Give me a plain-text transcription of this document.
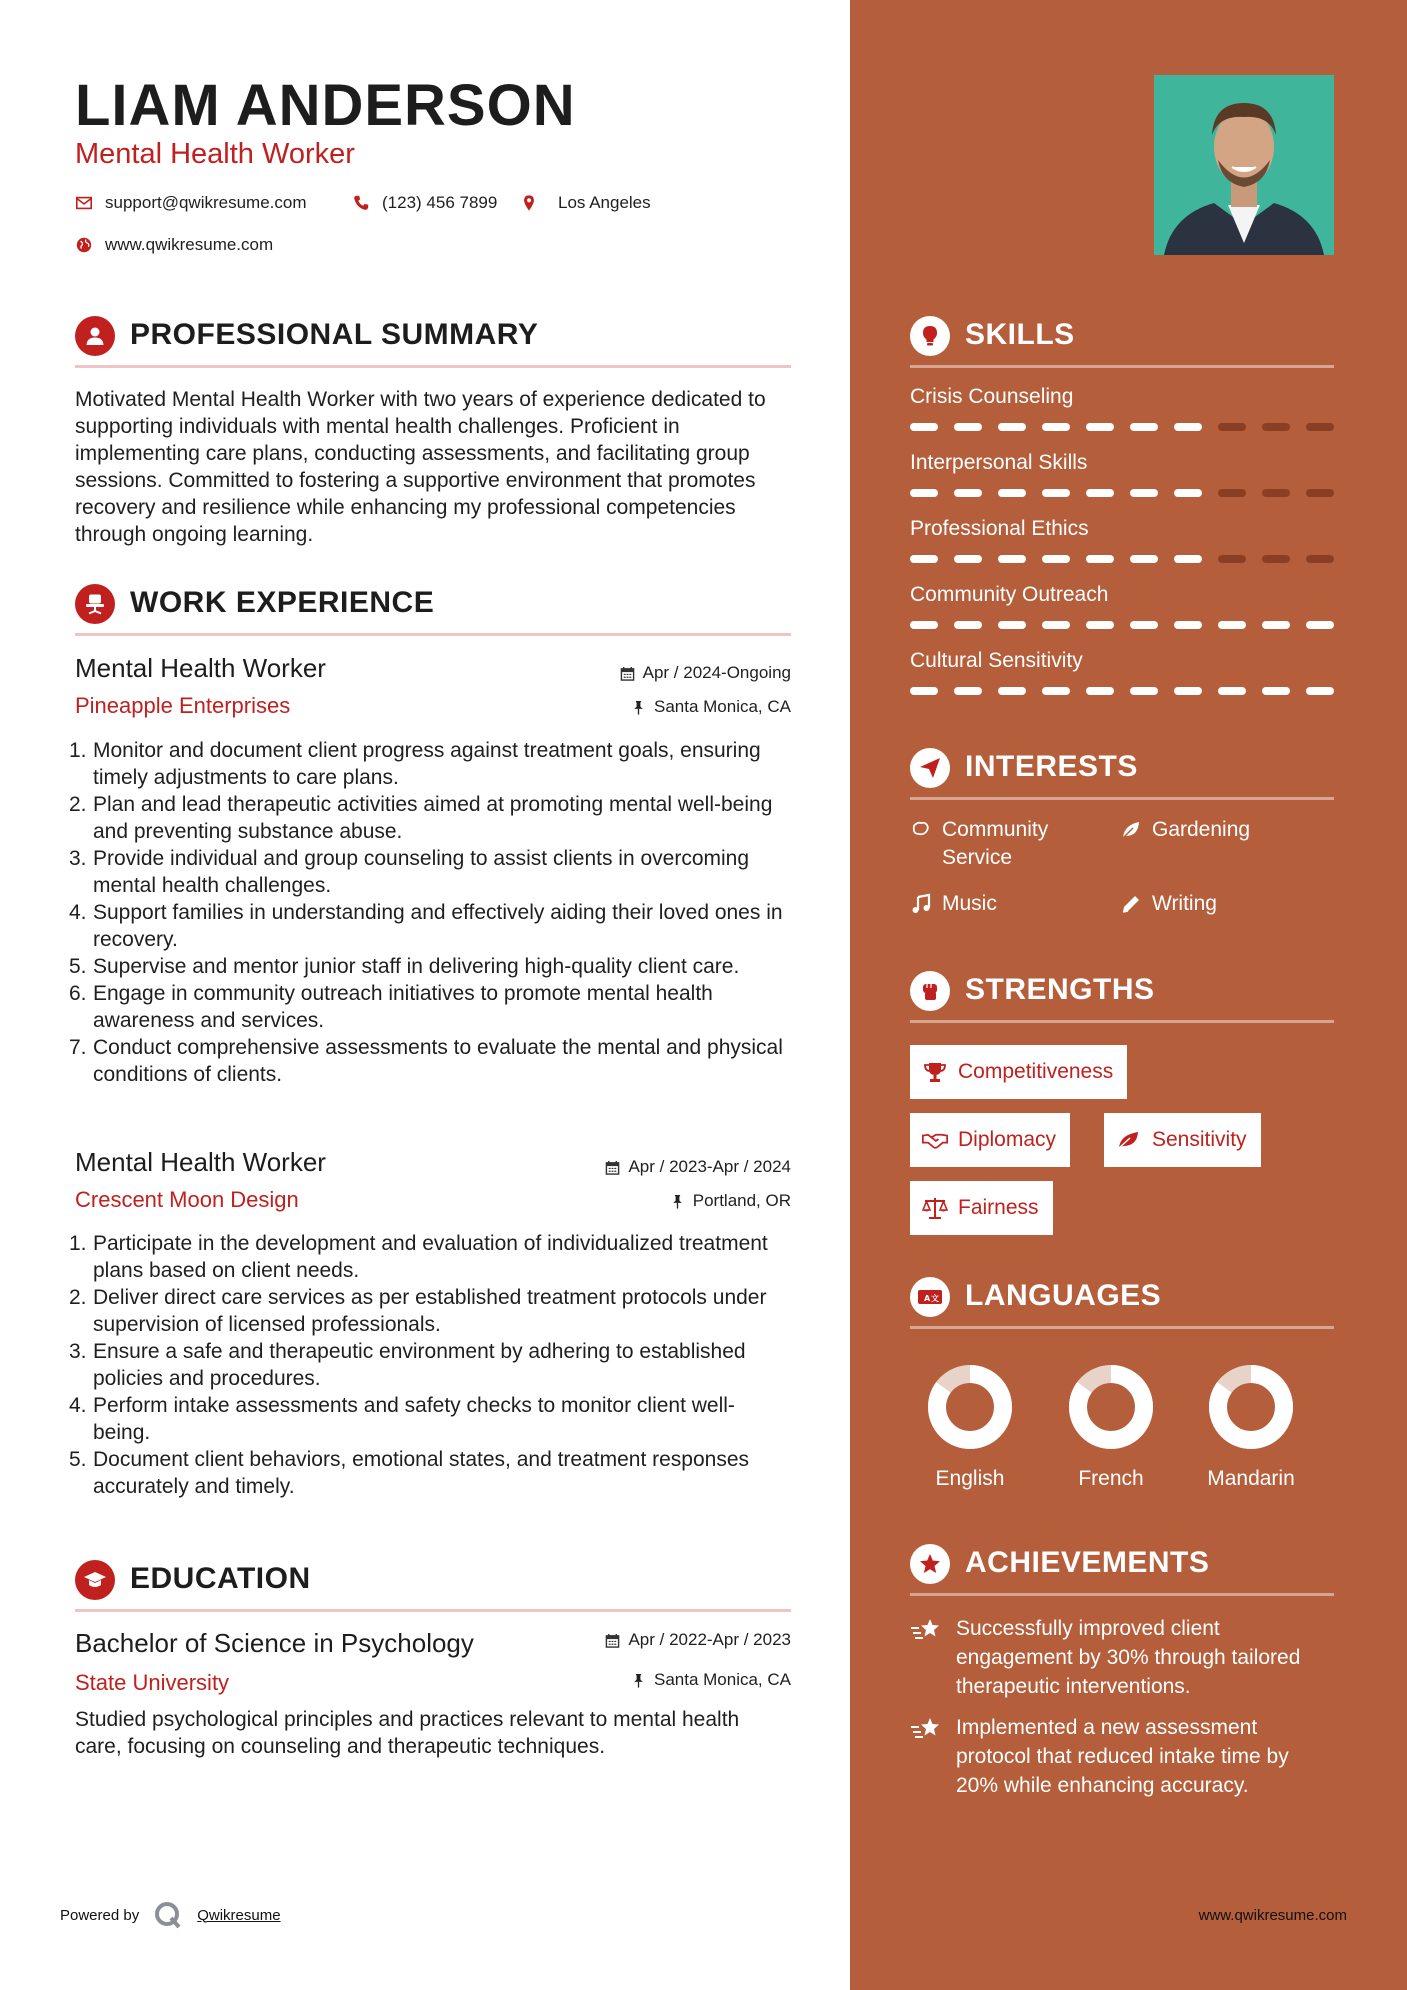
LIAM ANDERSON
Mental Health Worker
support@qwikresume.com	(123) 456 7899	Los Angeles
www.qwikresume.com
PROFESSIONAL SUMMARY
Motivated Mental Health Worker with two years of experience dedicated to supporting individuals with mental health challenges. Proficient in implementing care plans, conducting assessments, and facilitating group sessions. Committed to fostering a supportive environment that promotes recovery and resilience while enhancing my professional competencies through ongoing learning.
WORK EXPERIENCE
Mental Health Worker	Apr / 2024-Ongoing
Pineapple Enterprises	Santa Monica, CA
1. Monitor and document client progress against treatment goals, ensuring timely adjustments to care plans.
2. Plan and lead therapeutic activities aimed at promoting mental well-being and preventing substance abuse.
3. Provide individual and group counseling to assist clients in overcoming mental health challenges.
4. Support families in understanding and effectively aiding their loved ones in recovery.
5. Supervise and mentor junior staff in delivering high-quality client care.
6. Engage in community outreach initiatives to promote mental health awareness and services.
7. Conduct comprehensive assessments to evaluate the mental and physical conditions of clients.
Mental Health Worker	Apr / 2023-Apr / 2024
Crescent Moon Design	Portland, OR
1. Participate in the development and evaluation of individualized treatment plans based on client needs.
2. Deliver direct care services as per established treatment protocols under supervision of licensed professionals.
3. Ensure a safe and therapeutic environment by adhering to established policies and procedures.
4. Perform intake assessments and safety checks to monitor client well-being.
5. Document client behaviors, emotional states, and treatment responses accurately and timely.
EDUCATION
Bachelor of Science in Psychology	Apr / 2022-Apr / 2023
State University	Santa Monica, CA
Studied psychological principles and practices relevant to mental health care, focusing on counseling and therapeutic techniques.
Powered by	Qwikresume
SKILLS
Crisis Counseling
Interpersonal Skills
Professional Ethics
Community Outreach
Cultural Sensitivity
INTERESTS
Community Service
Gardening
Music	Writing
STRENGTHS
Competitiveness
Diplomacy	Sensitivity
Fairness
A 文 LANGUAGES
English	French	Mandarin
ACHIEVEMENTS
Successfully improved client engagement by 30% through tailored therapeutic interventions.
Implemented a new assessment protocol that reduced intake time by 20% while enhancing accuracy.
www.qwikresume.com
